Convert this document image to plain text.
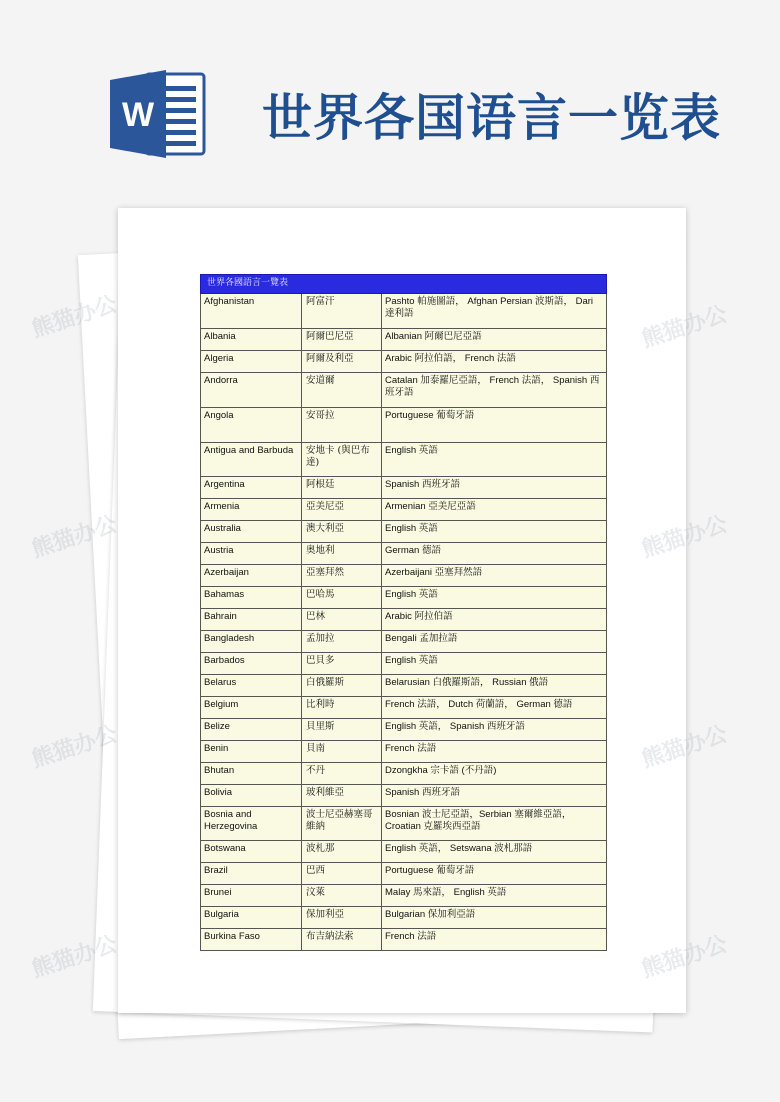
W 世界各国语言一览表
世界各國語言一覽表		
Afghanistan	阿富汗	Pashto 帕施圖語， Afghan Persian 波斯語， Dari 達利語
Albania	阿爾巴尼亞	Albanian 阿爾巴尼亞語
Algeria	阿爾及利亞	Arabic 阿拉伯語， French 法語
Andorra	安道爾	Catalan 加泰羅尼亞語， French 法語， Spanish 西班牙語
Angola	安哥拉	Portuguese 葡萄牙語
Antigua and Barbuda	安地卡 (與巴布達)	English 英語
Argentina	阿根廷	Spanish 西班牙語
Armenia	亞美尼亞	Armenian 亞美尼亞語
Australia	澳大利亞	English 英語
Austria	奥地利	German 德語
Azerbaijan	亞塞拜然	Azerbaijani 亞塞拜然語
Bahamas	巴哈馬	English 英語
Bahrain	巴林	Arabic 阿拉伯語
Bangladesh	孟加拉	Bengali 孟加拉語
Barbados	巴貝多	English 英語
Belarus	白俄羅斯	Belarusian 白俄羅斯語， Russian 俄語
Belgium	比利時	French 法語， Dutch 荷蘭語， German 德語
Belize	貝里斯	English 英語， Spanish 西班牙語
Benin	貝南	French 法語
Bhutan	不丹	Dzongkha 宗卡語 (不丹語)
Bolivia	玻利維亞	Spanish 西班牙語
Bosnia and Herzegovina	波士尼亞赫塞哥維納	Bosnian 波士尼亞語，Serbian 塞爾維亞語，Croatian 克羅埃西亞語
Botswana	波札那	English 英語， Setswana 波札那語
Brazil	巴西	Portuguese 葡萄牙語
Brunei	汶萊	Malay 馬來語， English 英語
Bulgaria	保加利亞	Bulgarian 保加利亞語
Burkina Faso	布吉納法索	French 法語
熊猫办公	熊猫办公
熊猫办公	熊猫办公
熊猫办公	熊猫办公
熊猫办公	熊猫办公
